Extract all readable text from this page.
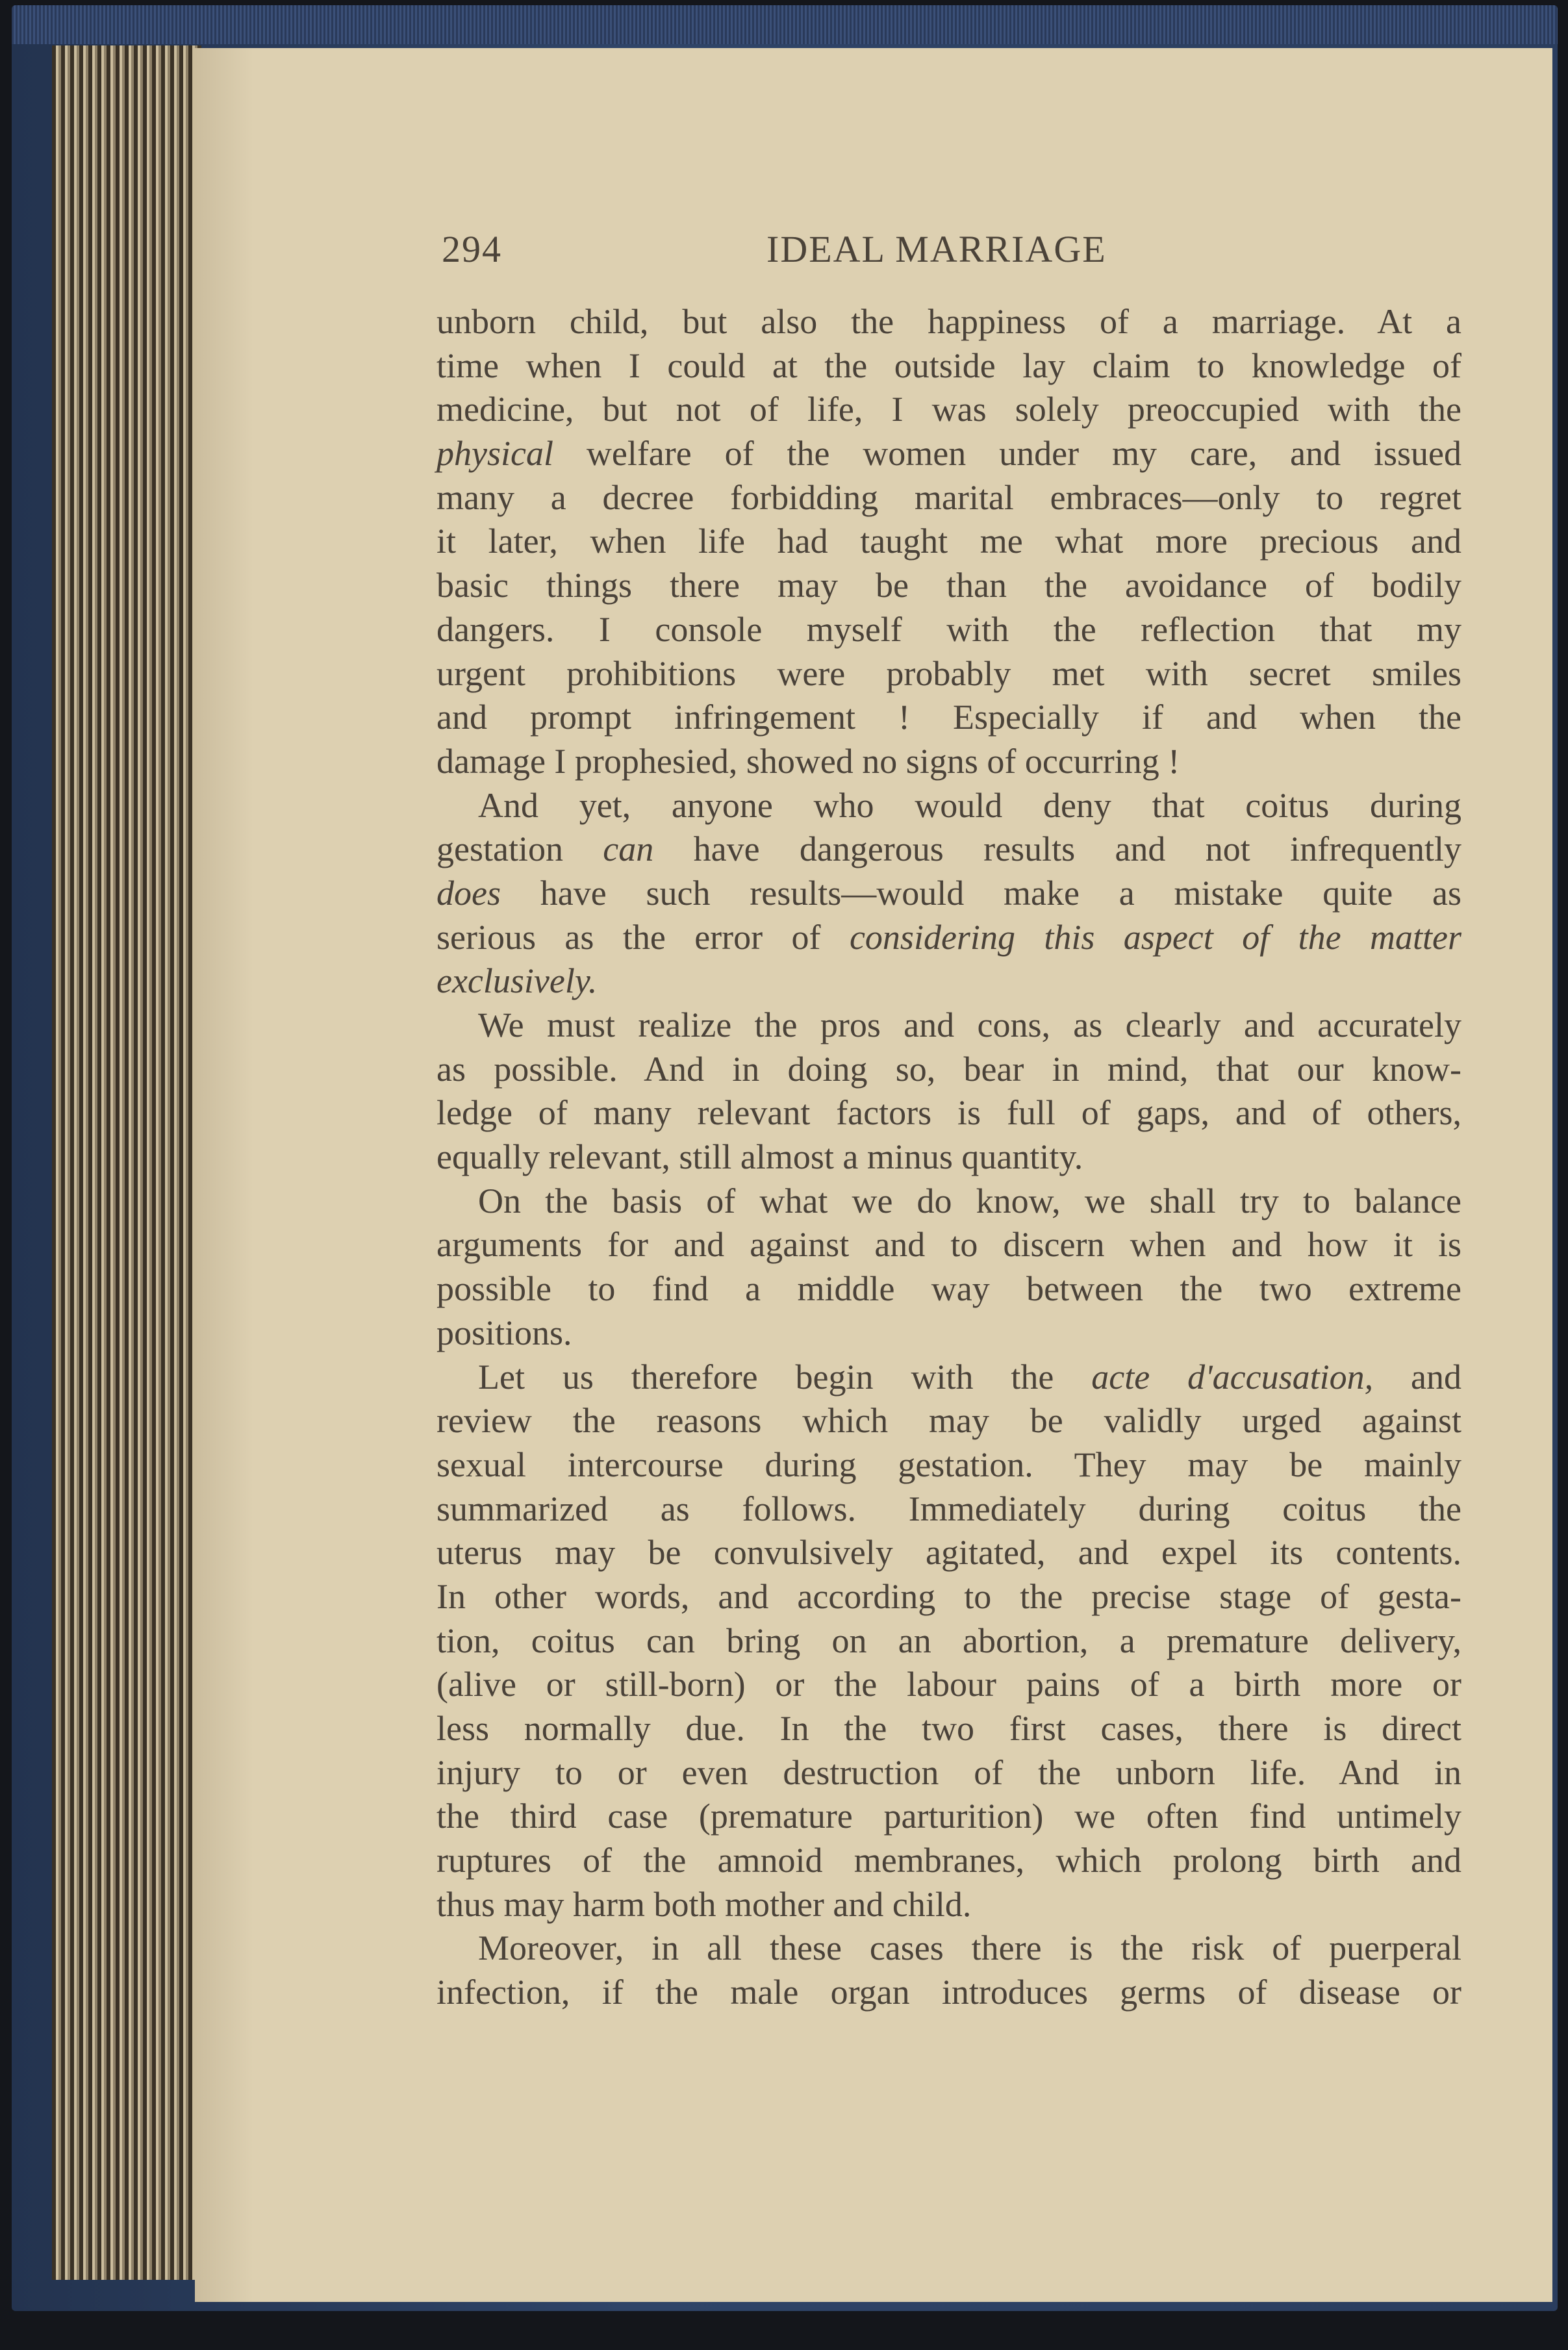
294	IDEAL MARRIAGE
unborn child, but also the happiness of a marriage. At a
time when I could at the outside lay claim to knowledge of
medicine, but not of life, I was solely preoccupied with the
physical welfare of the women under my care, and issued
many a decree forbidding marital embraces—only to regret
it later, when life had taught me what more precious and
basic things there may be than the avoidance of bodily
dangers. I console myself with the reflection that my
urgent prohibitions were probably met with secret smiles
and prompt infringement ! Especially if and when the
damage I prophesied, showed no signs of occurring !
And yet, anyone who would deny that coitus during
gestation can have dangerous results and not infrequently
does have such results—would make a mistake quite as
serious as the error of considering this aspect of the matter
exclusively.
We must realize the pros and cons, as clearly and accurately
as possible. And in doing so, bear in mind, that our know-
ledge of many relevant factors is full of gaps, and of others,
equally relevant, still almost a minus quantity.
On the basis of what we do know, we shall try to balance
arguments for and against and to discern when and how it is
possible to find a middle way between the two extreme
positions.
Let us therefore begin with the acte d'accusation, and
review the reasons which may be validly urged against
sexual intercourse during gestation. They may be mainly
summarized as follows. Immediately during coitus the
uterus may be convulsively agitated, and expel its contents.
In other words, and according to the precise stage of gesta-
tion, coitus can bring on an abortion, a premature delivery,
(alive or still-born) or the labour pains of a birth more or
less normally due. In the two first cases, there is direct
injury to or even destruction of the unborn life. And in
the third case (premature parturition) we often find untimely
ruptures of the amnoid membranes, which prolong birth and
thus may harm both mother and child.
Moreover, in all these cases there is the risk of puerperal
infection, if the male organ introduces germs of disease or
